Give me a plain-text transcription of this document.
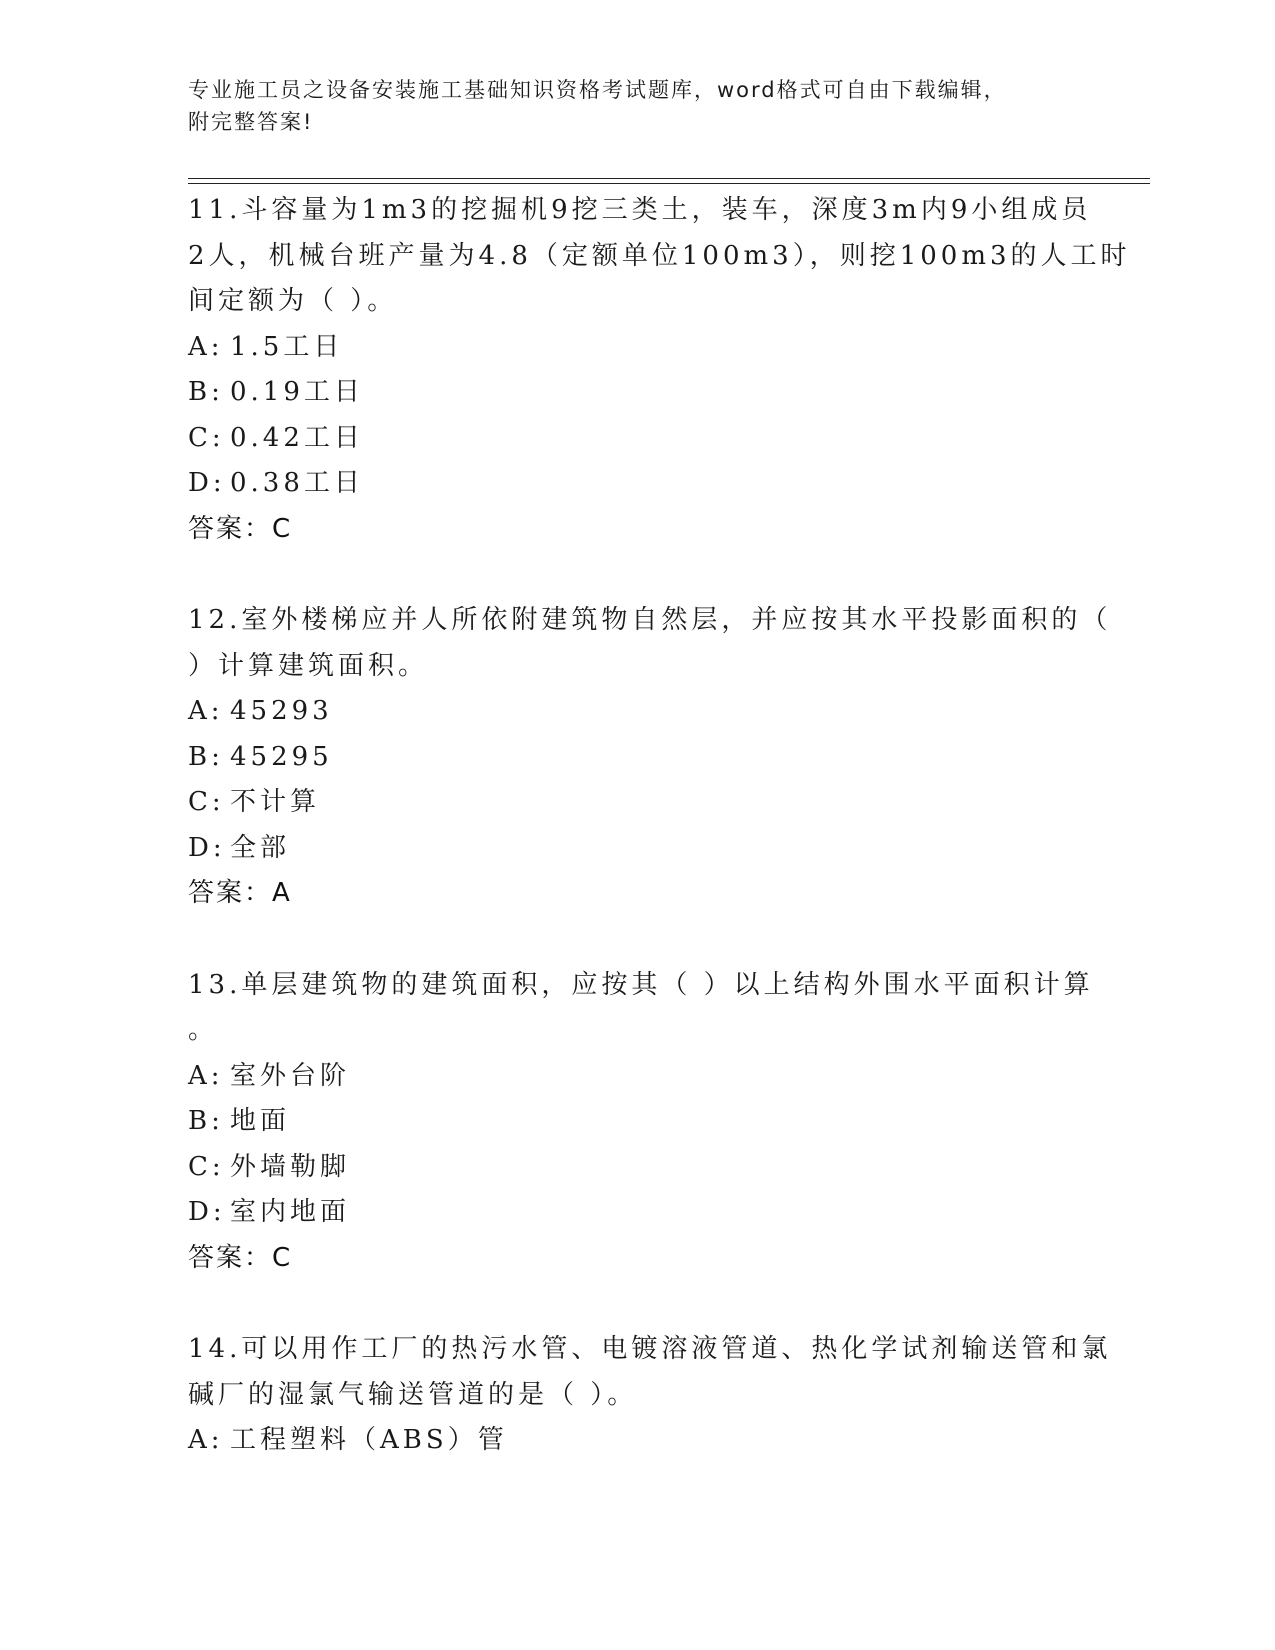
专业施工员之设备安装施工基础知识资格考试题库，word格式可自由下载编辑，
附完整答案!
11.斗容量为1m3的挖掘机9挖三类土，装车，深度3m内9小组成员
2人，机械台班产量为4.8（定额单位100m3），则挖100m3的人工时
间定额为（ ）。
A: 1.5工日
B: 0.19工日
C: 0.42工日
D: 0.38工日
答案：C
12.室外楼梯应并人所依附建筑物自然层，并应按其水平投影面积的（
）计算建筑面积。
A: 45293
B: 45295
C: 不计算
D: 全部
答案：A
13.单层建筑物的建筑面积，应按其（ ）以上结构外围水平面积计算
。
A: 室外台阶
B: 地面
C: 外墙勒脚
D: 室内地面
答案：C
14.可以用作工厂的热污水管、电镀溶液管道、热化学试剂输送管和氯
碱厂的湿氯气输送管道的是（ ）。
A: 工程塑料（ABS）管
